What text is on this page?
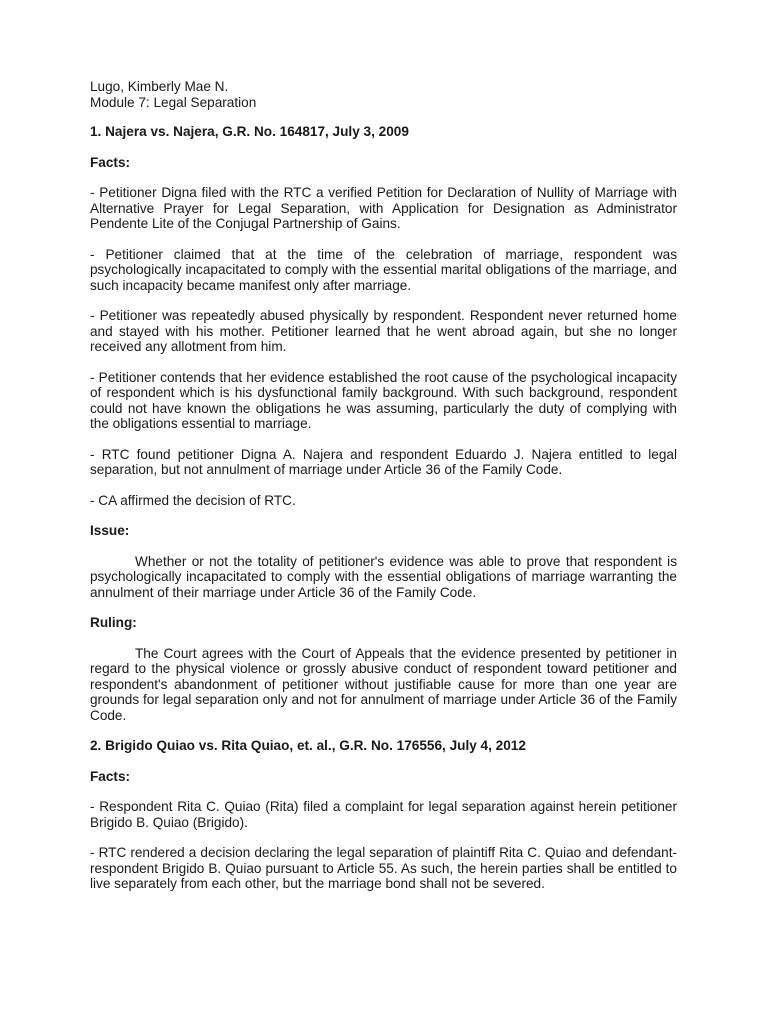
Lugo, Kimberly Mae N.

Module 7: Legal Separation

1. Najera vs. Najera, G.R. No. 164817, July 3, 2009

Facts:

- Petitioner Digna filed with the RTC a verified Petition for Declaration of Nullity of Marriage with Alternative Prayer for Legal Separation, with Application for Designation as Administrator Pendente Lite of the Conjugal Partnership of Gains.

- Petitioner claimed that at the time of the celebration of marriage, respondent was psychologically incapacitated to comply with the essential marital obligations of the marriage, and such incapacity became manifest only after marriage.

- Petitioner was repeatedly abused physically by respondent. Respondent never returned home and stayed with his mother. Petitioner learned that he went abroad again, but she no longer received any allotment from him.

- Petitioner contends that her evidence established the root cause of the psychological incapacity of respondent which is his dysfunctional family background. With such background, respondent could not have known the obligations he was assuming, particularly the duty of complying with the obligations essential to marriage.

- RTC found petitioner Digna A. Najera and respondent Eduardo J. Najera entitled to legal separation, but not annulment of marriage under Article 36 of the Family Code.

- CA affirmed the decision of RTC.

Issue:

Whether or not the totality of petitioner's evidence was able to prove that respondent is psychologically incapacitated to comply with the essential obligations of marriage warranting the annulment of their marriage under Article 36 of the Family Code.

Ruling:

The Court agrees with the Court of Appeals that the evidence presented by petitioner in regard to the physical violence or grossly abusive conduct of respondent toward petitioner and respondent's abandonment of petitioner without justifiable cause for more than one year are grounds for legal separation only and not for annulment of marriage under Article 36 of the Family Code.

2. Brigido Quiao vs. Rita Quiao, et. al., G.R. No. 176556, July 4, 2012

Facts:

- Respondent Rita C. Quiao (Rita) filed a complaint for legal separation against herein petitioner Brigido B. Quiao (Brigido).

- RTC rendered a decision declaring the legal separation of plaintiff Rita C. Quiao and defendant-respondent Brigido B. Quiao pursuant to Article 55. As such, the herein parties shall be entitled to live separately from each other, but the marriage bond shall not be severed.
